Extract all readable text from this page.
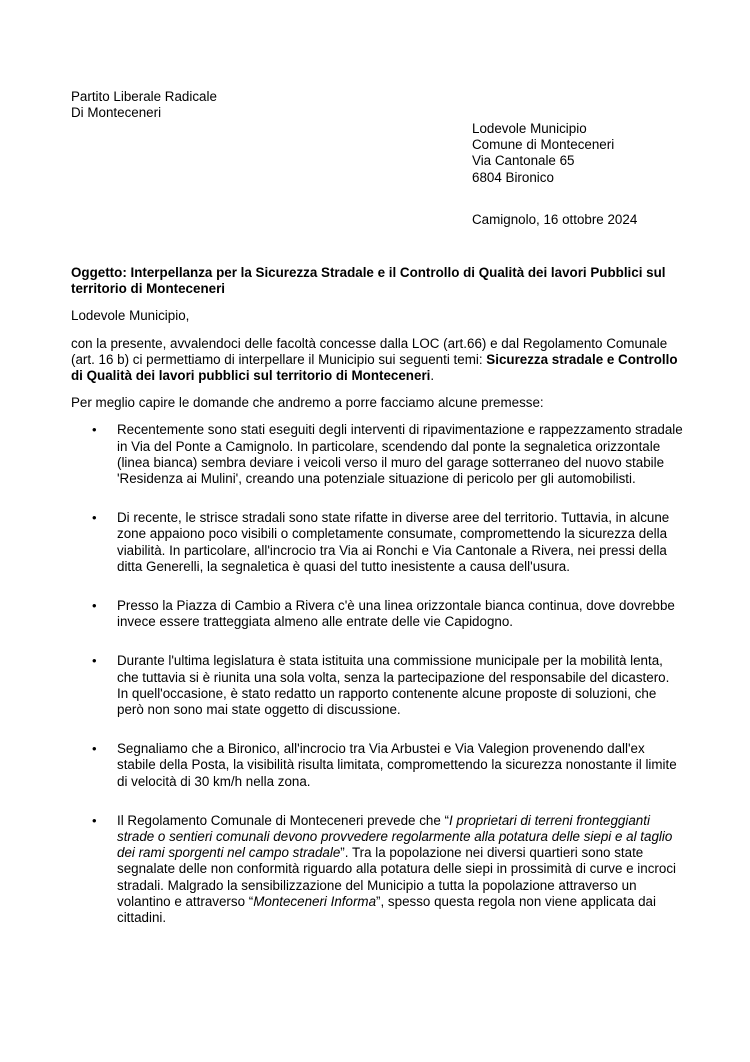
Partito Liberale Radicale
Di Monteceneri
Lodevole Municipio
Comune di Monteceneri
Via Cantonale 65
6804 Bironico
Camignolo, 16 ottobre 2024

Oggetto: Interpellanza per la Sicurezza Stradale e il Controllo di Qualità dei lavori Pubblici sul territorio di Monteceneri

Lodevole Municipio,

con la presente, avvalendoci delle facoltà concesse dalla LOC (art.66) e dal Regolamento Comunale (art. 16 b) ci permettiamo di interpellare il Municipio sui seguenti temi: Sicurezza stradale e Controllo di Qualità dei lavori pubblici sul territorio di Monteceneri.

Per meglio capire le domande che andremo a porre facciamo alcune premesse:

• Recentemente sono stati eseguiti degli interventi di ripavimentazione e rappezzamento stradale in Via del Ponte a Camignolo. In particolare, scendendo dal ponte la segnaletica orizzontale (linea bianca) sembra deviare i veicoli verso il muro del garage sotterraneo del nuovo stabile 'Residenza ai Mulini', creando una potenziale situazione di pericolo per gli automobilisti.
• Di recente, le strisce stradali sono state rifatte in diverse aree del territorio. Tuttavia, in alcune zone appaiono poco visibili o completamente consumate, compromettendo la sicurezza della viabilità. In particolare, all'incrocio tra Via ai Ronchi e Via Cantonale a Rivera, nei pressi della ditta Generelli, la segnaletica è quasi del tutto inesistente a causa dell'usura.
• Presso la Piazza di Cambio a Rivera c'è una linea orizzontale bianca continua, dove dovrebbe invece essere tratteggiata almeno alle entrate delle vie Capidogno.
• Durante l'ultima legislatura è stata istituita una commissione municipale per la mobilità lenta, che tuttavia si è riunita una sola volta, senza la partecipazione del responsabile del dicastero. In quell'occasione, è stato redatto un rapporto contenente alcune proposte di soluzioni, che però non sono mai state oggetto di discussione.
• Segnaliamo che a Bironico, all'incrocio tra Via Arbustei e Via Valegion provenendo dall'ex stabile della Posta, la visibilità risulta limitata, compromettendo la sicurezza nonostante il limite di velocità di 30 km/h nella zona.
• Il Regolamento Comunale di Monteceneri prevede che “I proprietari di terreni fronteggianti strade o sentieri comunali devono provvedere regolarmente alla potatura delle siepi e al taglio dei rami sporgenti nel campo stradale”. Tra la popolazione nei diversi quartieri sono state segnalate delle non conformità riguardo alla potatura delle siepi in prossimità di curve e incroci stradali. Malgrado la sensibilizzazione del Municipio a tutta la popolazione attraverso un volantino e attraverso “Monteceneri Informa”, spesso questa regola non viene applicata dai cittadini.
